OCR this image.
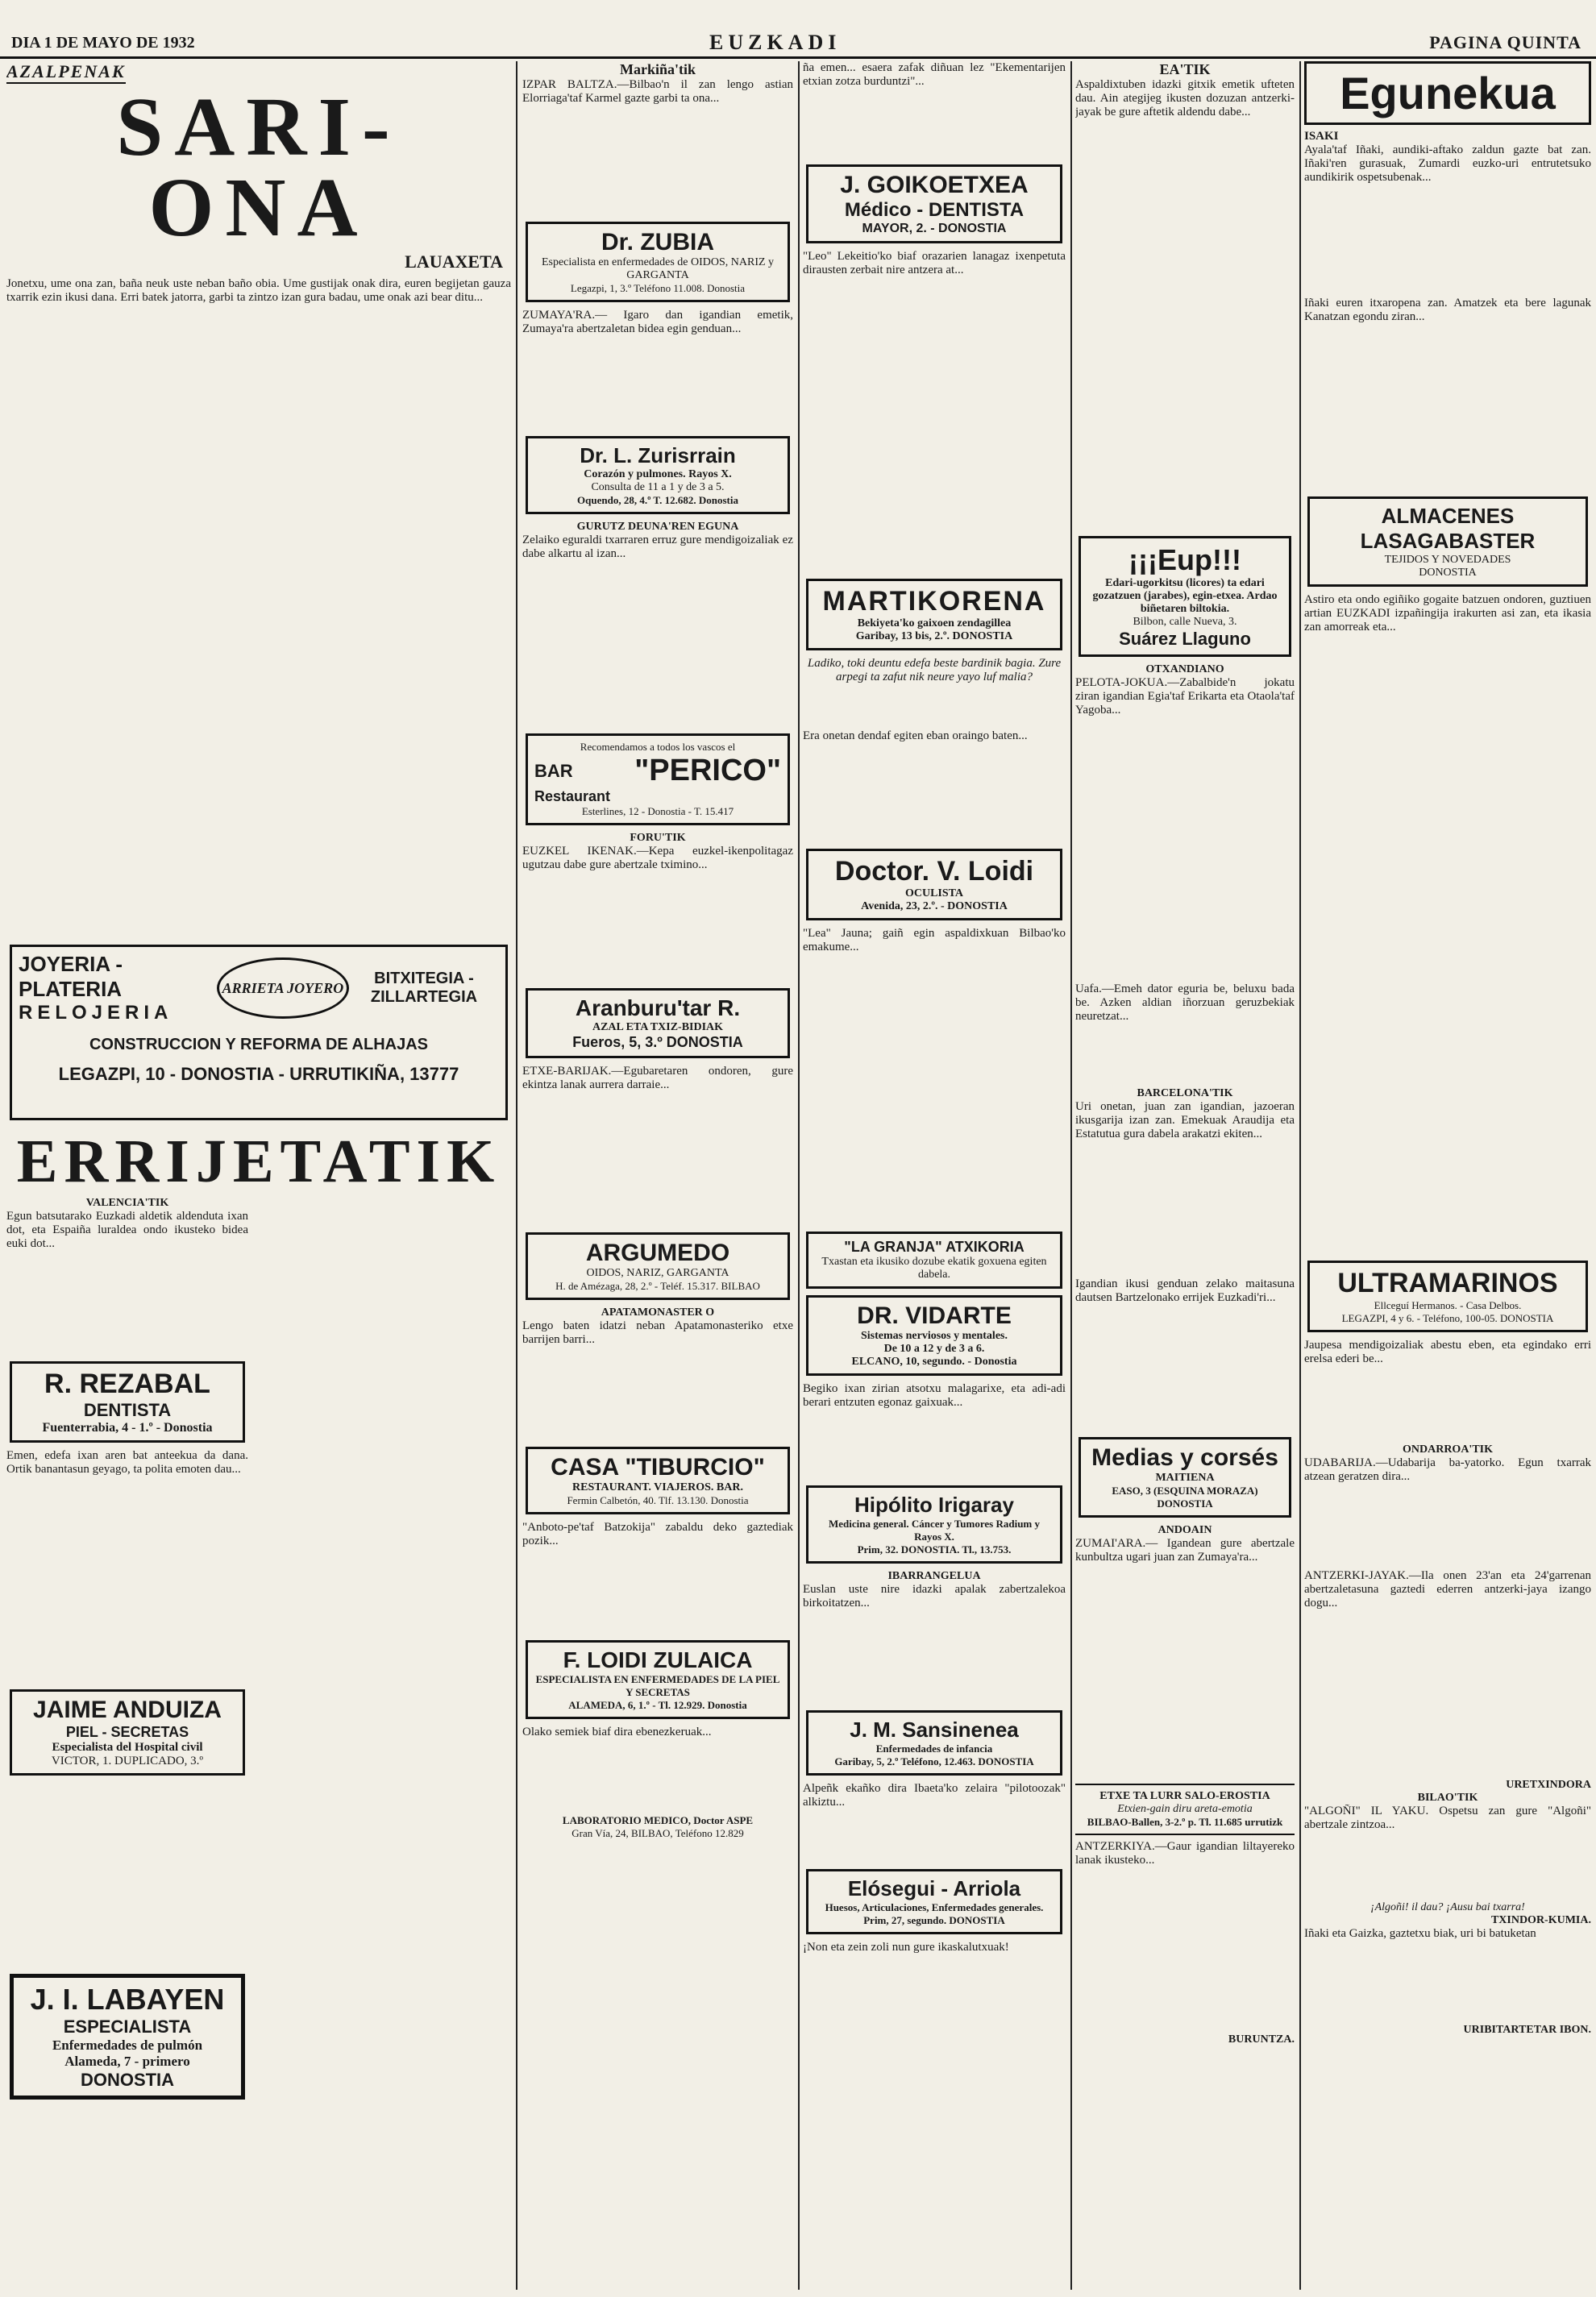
DIA 1 DE MAYO DE 1932	EUZKADI	PAGINA QUINTA
AZALPENAK
SARI-ONA
LAUAXETA

Jonetxu, ume ona zan, baña neuk uste neban baño obia. Ume gustijak onak dira, euren begijetan gauza txarrik ezin ikusi dana. Erri batek jatorra, garbi ta zintzo izan gura badau, ume onak azi bear ditu...

JOYERIA - PLATERIA
RELOJERIA
ARRIETA JOYERO
BITXITEGIA - ZILLARTEGIA
CONSTRUCCION Y REFORMA DE ALHAJAS
LEGAZPI, 10 - DONOSTIA - URRUTIKIÑA, 13777
ERRIJETATIK
VALENCIA'TIK

Egun batsutarako Euzkadi aldetik aldenduta ixan dot, eta Espaiña luraldea ondo ikusteko bidea euki dot...

R. REZABAL
DENTISTA
Fuenterrabia, 4 - 1.º - Donostia

Emen, edefa ixan aren bat anteekua da dana. Ortik banantasun geyago, ta polita emoten dau...

JAIME ANDUIZA
PIEL - SECRETAS
Especialista del Hospital civil
VICTOR, 1. DUPLICADO, 3.º
J. I. LABAYEN
ESPECIALISTA
Enfermedades de pulmón
Alameda, 7 - primero
DONOSTIA
Markiña'tik

IZPAR BALTZA.—Bilbao'n il zan lengo astian Elorriaga'taf Karmel gazte garbi ta ona...

Dr. ZUBIA
Especialista en enfermedades de OIDOS, NARIZ y GARGANTA
Legazpi, 1, 3.º Teléfono 11.008. Donostia

ZUMAYA'RA.— Igaro dan igandian emetik, Zumaya'ra abertzaletan bidea egin genduan...

Dr. L. Zurisrrain
Corazón y pulmones. Rayos X.
Consulta de 11 a 1 y de 3 a 5.
Oquendo, 28, 4.º T. 12.682. Donostia
GURUTZ DEUNA'REN EGUNA

Zelaiko eguraldi txarraren erruz gure mendigoizaliak ez dabe alkartu al izan...

Recomendamos a todos los vascos el
BAR "PERICO"
Restaurant
Esterlines, 12 - Donostia - T. 15.417
FORU'TIK

EUZKEL IKENAK.—Kepa euzkel-ikenpolitagaz ugutzau dabe gure abertzale tximino...

Aranburu'tar R.
AZAL ETA TXIZ-BIDIAK
Fueros, 5, 3.º DONOSTIA

ETXE-BARIJAK.—Egubaretaren ondoren, gure ekintza lanak aurrera darraie...

ARGUMEDO
OIDOS, NARIZ, GARGANTA
H. de Amézaga, 28, 2.º - Teléf. 15.317. BILBAO
APATAMONASTER O

Lengo baten idatzi neban Apatamonasteriko etxe barrijen barri...

CASA "TIBURCIO"
RESTAURANT. VIAJEROS. BAR.
Fermin Calbetón, 40. Tlf. 13.130. Donostia

"Anboto-pe'taf Batzokija" zabaldu deko gaztediak pozik...

F. LOIDI ZULAICA
ESPECIALISTA EN ENFERMEDADES DE LA PIEL Y SECRETAS
ALAMEDA, 6, 1.º - Tl. 12.929. Donostia

Olako semiek biaf dira ebenezkeruak...

LABORATORIO MEDICO, Doctor ASPE
Gran Vía, 24, BILBAO, Teléfono 12.829

ña emen... esaera zafak diñuan lez "Ekementarijen etxian zotza burduntzi"...

J. GOIKOETXEA
Médico - DENTISTA
MAYOR, 2. - DONOSTIA

"Leo" Lekeitio'ko biaf orazarien lanagaz ixenpetuta dirausten zerbait nire antzera at...

MARTIKORENA
Bekiyeta'ko gaixoen zendagillea
Garibay, 13 bis, 2.º. DONOSTIA

Ladiko, toki deuntu edefa beste bardinik bagia. Zure arpegi ta zafut nik neure yayo luf malia?

Era onetan dendaf egiten eban oraingo baten...

Doctor. V. Loidi
OCULISTA
Avenida, 23, 2.º. - DONOSTIA

"Lea" Jauna; gaiñ egin aspaldixkuan Bilbao'ko emakume...

"LA GRANJA" ATXIKORIA
Txastan eta ikusiko dozube ekatik goxuena egiten dabela.
DR. VIDARTE
Sistemas nerviosos y mentales.
De 10 a 12 y de 3 a 6.
ELCANO, 10, segundo. - Donostia

Begiko ixan zirian atsotxu malagarixe, eta adi-adi berari entzuten egonaz gaixuak...

Hipólito Irigaray
Medicina general. Cáncer y Tumores Radium y Rayos X.
Prim, 32. DONOSTIA. Tl., 13.753.
IBARRANGELUA

Euslan uste nire idazki apalak zabertzalekoa birkoitatzen...

J. M. Sansinenea
Enfermedades de infancia
Garibay, 5, 2.º Teléfono, 12.463. DONOSTIA

Alpeñk ekañko dira Ibaeta'ko zelaira "pilotoozak" alkiztu...

Elósegui - Arriola
Huesos, Articulaciones, Enfermedades generales.
Prim, 27, segundo. DONOSTIA

¡Non eta zein zoli nun gure ikaskalutxuak!

EA'TIK

Aspaldixtuben idazki gitxik emetik ufteten dau. Ain ategijeg ikusten dozuzan antzerki-jayak be gure aftetik aldendu dabe...

¡¡¡Eup!!!
Edari-ugorkitsu (licores) ta edari gozatzuen (jarabes), egin-etxea. Ardao biñetaren biltokia.
Bilbon, calle Nueva, 3.
Suárez Llaguno
OTXANDIANO

PELOTA-JOKUA.—Zabalbide'n jokatu ziran igandian Egia'taf Erikarta eta Otaola'taf Yagoba...

Uafa.—Emeh dator eguria be, beluxu bada be. Azken aldian iñorzuan geruzbekiak neuretzat...

BARCELONA'TIK

Uri onetan, juan zan igandian, jazoeran ikusgarija izan zan. Emekuak Araudija eta Estatutua gura dabela arakatzi ekiten...

Igandian ikusi genduan zelako maitasuna dautsen Bartzelonako errijek Euzkadi'ri...

Medias y corsés
MAITIENA
EASO, 3 (ESQUINA MORAZA) DONOSTIA
ANDOAIN

ZUMAI'ARA.— Igandean gure abertzale kunbultza ugari juan zan Zumaya'ra...

ETXE TA LURR SALO-EROSTIA
Etxien-gain diru areta-emotia
BILBAO-Ballen, 3-2.º p. Tl. 11.685 urrutizk

ANTZERKIYA.—Gaur igandian liltayereko lanak ikusteko...

BURUNTZA.
Egunekua
ISAKI

Ayala'taf Iñaki, aundiki-aftako zaldun gazte bat zan. Iñaki'ren gurasuak, Zumardi euzko-uri entrutetsuko aundikirik ospetsubenak...

Iñaki euren itxaropena zan. Amatzek eta bere lagunak Kanatzan egondu ziran...

ALMACENES LASAGABASTER
TEJIDOS Y NOVEDADES
DONOSTIA

Astiro eta ondo egiñiko gogaite batzuen ondoren, guztiuen artian EUZKADI izpañingija irakurten asi zan, eta ikasia zan amorreak eta...

ULTRAMARINOS
Ellceguí Hermanos. - Casa Delbos.
LEGAZPI, 4 y 6. - Teléfono, 100-05. DONOSTIA

Jaupesa mendigoizaliak abestu eben, eta egindako erri erelsa ederi be...

ONDARROA'TIK

UDABARIJA.—Udabarija ba-yatorko. Egun txarrak atzean geratzen dira...

ANTZERKI-JAYAK.—Ila onen 23'an eta 24'garrenan abertzaletasuna gaztedi ederren antzerki-jaya izango dogu...

URETXINDORA
BILAO'TIK

"ALGOÑI" IL YAKU. Ospetsu zan gure "Algoñi" abertzale zintzoa...

¡Algoñi! il dau? ¡Ausu bai txarra!
TXINDOR-KUMIA.

Iñaki eta Gaizka, gaztetxu biak, uri bi batuketan

URIBITARTETAR IBON.
